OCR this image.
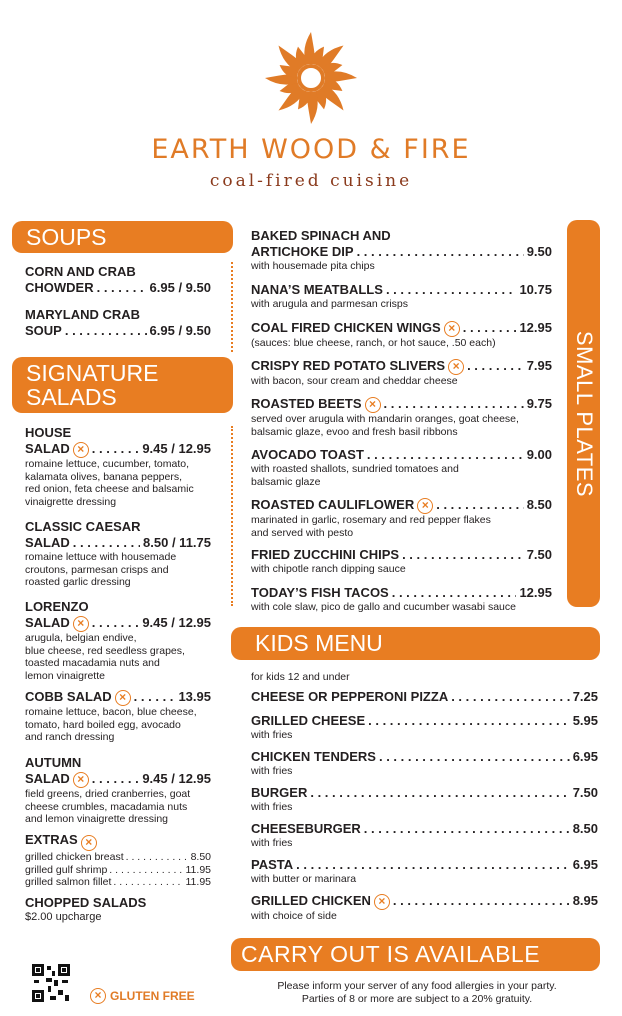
EARTH WOOD & FIRE
coal-fired cuisine
SOUPS
CORN AND CRAB
CHOWDER . . .	6.95 / 9.50
MARYLAND CRAB
SOUP . . .	6.95 / 9.50
SIGNATURE
SALADS
HOUSE
SALAD × . . .	9.45 / 12.95
romaine lettuce, cucumber, tomato,
kalamata olives, banana peppers,
red onion, feta cheese and balsamic
vinaigrette dressing
CLASSIC CAESAR
SALAD . . .	8.50 / 11.75
romaine lettuce with housemade
croutons, parmesan crisps and
roasted garlic dressing
LORENZO
SALAD × . . .	9.45 / 12.95
arugula, belgian endive,
blue cheese, red seedless grapes,
toasted macadamia nuts and
lemon vinaigrette
COBB SALAD × . . .	13.95
romaine lettuce, bacon, blue cheese,
tomato, hard boiled egg, avocado
and ranch dressing
AUTUMN
SALAD × . . .	9.45 / 12.95
field greens, dried cranberries, goat
cheese crumbles, macadamia nuts
and lemon vinaigrette dressing
EXTRAS ×
grilled chicken breast . . .	8.50
grilled gulf shrimp . . .	11.95
grilled salmon fillet . . .	11.95
CHOPPED SALADS
$2.00 upcharge
SMALL PLATES
BAKED SPINACH AND
ARTICHOKE DIP . . .	9.50
with housemade pita chips
NANA’S MEATBALLS . . .	10.75
with arugula and parmesan crisps
COAL FIRED CHICKEN WINGS × . . .	12.95
(sauces: blue cheese, ranch, or hot sauce, .50 each)
CRISPY RED POTATO SLIVERS × . . .	7.95
with bacon, sour cream and cheddar cheese
ROASTED BEETS × . . .	9.75
served over arugula with mandarin oranges, goat cheese,
balsamic glaze, evoo and fresh basil ribbons
AVOCADO TOAST . . .	9.00
with roasted shallots, sundried tomatoes and
balsamic glaze
ROASTED CAULIFLOWER × . . .	8.50
marinated in garlic, rosemary and red pepper flakes
and served with pesto
FRIED ZUCCHINI CHIPS . . .	7.50
with chipotle ranch dipping sauce
TODAY’S FISH TACOS . . .	12.95
with cole slaw, pico de gallo and cucumber wasabi sauce
KIDS MENU
for kids 12 and under
CHEESE OR PEPPERONI PIZZA . . .	7.25
GRILLED CHEESE . . .	5.95
with fries
CHICKEN TENDERS . . .	6.95
with fries
BURGER . . .	7.50
with fries
CHEESEBURGER . . .	8.50
with fries
PASTA . . .	6.95
with butter or marinara
GRILLED CHICKEN × . . .	8.95
with choice of side
CARRY OUT IS AVAILABLE
× GLUTEN FREE
Please inform your server of any food allergies in your party.
Parties of 8 or more are subject to a 20% gratuity.
